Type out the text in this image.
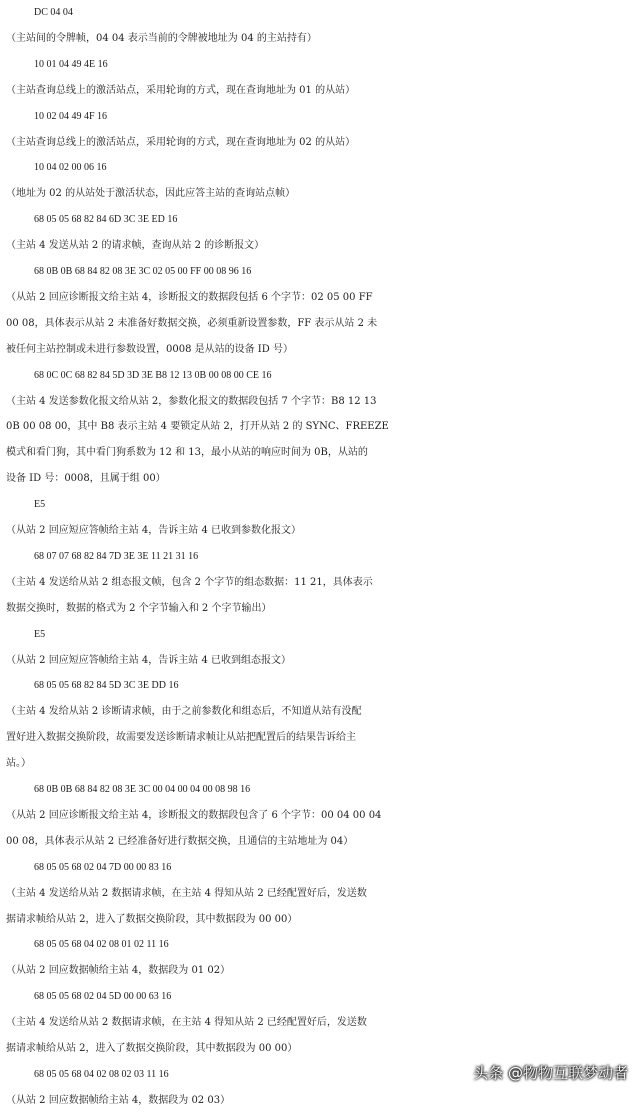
DC 04 04
（主站间的令牌帧，04 04 表示当前的令牌被地址为 04 的主站持有）
10 01 04 49 4E 16
（主站查询总线上的激活站点，采用轮询的方式，现在查询地址为 01 的从站）
10 02 04 49 4F 16
（主站查询总线上的激活站点，采用轮询的方式，现在查询地址为 02 的从站）
10 04 02 00 06 16
（地址为 02 的从站处于激活状态，因此应答主站的查询站点帧）
68 05 05 68 82 84 6D 3C 3E ED 16
（主站 4 发送从站 2 的请求帧，查询从站 2 的诊断报文）
68 0B 0B 68 84 82 08 3E 3C 02 05 00 FF 00 08 96 16
（从站 2 回应诊断报文给主站 4，诊断报文的数据段包括 6 个字节：02 05 00 FF
00 08，具体表示从站 2 未准备好数据交换，必须重新设置参数，FF 表示从站 2 未
被任何主站控制或未进行参数设置，0008 是从站的设备 ID 号）
68 0C 0C 68 82 84 5D 3D 3E B8 12 13 0B 00 08 00 CE 16
（主站 4 发送参数化报文给从站 2，参数化报文的数据段包括 7 个字节：B8 12 13
0B 00 08 00，其中 B8 表示主站 4 要锁定从站 2，打开从站 2 的 SYNC、FREEZE
模式和看门狗，其中看门狗系数为 12 和 13，最小从站的响应时间为 0B，从站的
设备 ID 号：0008，且属于组 00）
E5
（从站 2 回应短应答帧给主站 4，告诉主站 4 已收到参数化报文）
68 07 07 68 82 84 7D 3E 3E 11 21 31 16
（主站 4 发送给从站 2 组态报文帧，包含 2 个字节的组态数据：11 21，具体表示
数据交换时，数据的格式为 2 个字节输入和 2 个字节输出）
E5
（从站 2 回应短应答帧给主站 4，告诉主站 4 已收到组态报文）
68 05 05 68 82 84 5D 3C 3E DD 16
（主站 4 发给从站 2 诊断请求帧，由于之前参数化和组态后，不知道从站有没配
置好进入数据交换阶段，故需要发送诊断请求帧让从站把配置后的结果告诉给主
站。）
68 0B 0B 68 84 82 08 3E 3C 00 04 00 04 00 08 98 16
（从站 2 回应诊断报文给主站 4，诊断报文的数据段包含了 6 个字节：00 04 00 04
00 08，具体表示从站 2 已经准备好进行数据交换，且通信的主站地址为 04）
68 05 05 68 02 04 7D 00 00 83 16
（主站 4 发送给从站 2 数据请求帧，在主站 4 得知从站 2 已经配置好后，发送数
据请求帧给从站 2，进入了数据交换阶段，其中数据段为 00 00）
68 05 05 68 04 02 08 01 02 11 16
（从站 2 回应数据帧给主站 4，数据段为 01 02）
68 05 05 68 02 04 5D 00 00 63 16
（主站 4 发送给从站 2 数据请求帧，在主站 4 得知从站 2 已经配置好后，发送数
据请求帧给从站 2，进入了数据交换阶段，其中数据段为 00 00）
68 05 05 68 04 02 08 02 03 11 16
（从站 2 回应数据帧给主站 4，数据段为 02 03）
头条 @物物互联梦动者
